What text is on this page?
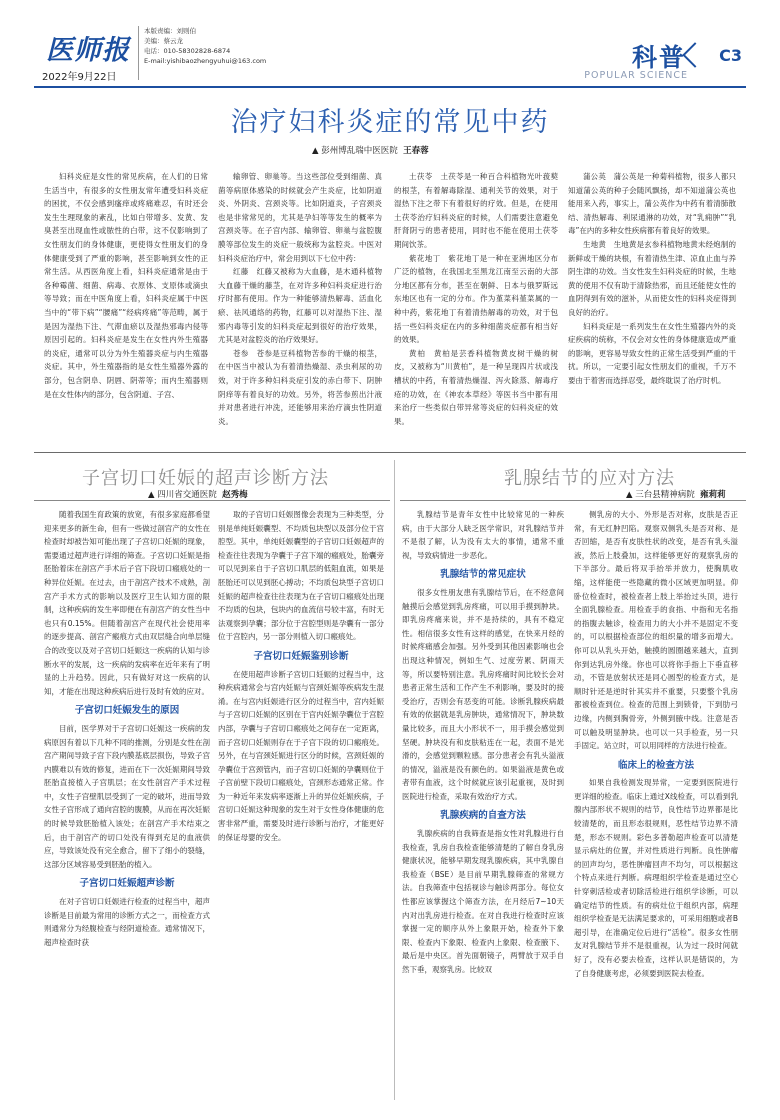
医师报
2022年9月22日
本版责编：刘则伯
美编：蔡云龙
电话：010-58302828-6874
E-mail:yishibaozhengyuhui@163.com	科普
POPULAR SCIENCE
C3
治疗妇科炎症的常见中药
▲ 彭州博乱瑞中医医院 王春蓉

妇科炎症是女性的常见疾病，在人们的日常生活当中，有很多的女性朋友常年遭受妇科炎症的困扰，不仅会感到瘙痒或疼痛难忍，有时还会发生生理现象的紊乱，比如白带增多、发黄、发臭甚至出现血性或脓性的白带，这不仅影响到了女性朋友们的身体健康，更使得女性朋友们的身体健康受到了严重的影响，甚至影响到女性的正常生活。从西医角度上看，妇科炎症通常是由于各种霉菌、细菌、病毒、衣原体、支原体或滴虫等导致；而在中医角度上看，妇科炎症属于中医当中的“带下病”“腰痛”“经病疼痛”等范畴，属于是因为湿热下注、气滞血瘀以及湿热邪毒内侵等原因引起的。妇科炎症是发生在女性内外生殖器的炎症，通常可以分为外生殖器炎症与内生殖器炎症。其中，外生殖器指的是女性生殖器外露的部分，包含阴阜、阴唇、阴蒂等；而内生殖器则是在女性体内的部分，包含阴道、子宫、

输卵管、卵巢等。当这些部位受到细菌、真菌等病原体感染的时候就会产生炎症，比如阴道炎、外阴炎、宫颈炎等。比如阴道炎，子宫颈炎也是非常常见的，尤其是孕妇等等发生的概率为宫颈炎等。在子宫内部、输卵管、卵巢与盆腔腹膜等部位发生的炎症一般统称为盆腔炎。中医对妇科炎症治疗中，常会用到以下七位中药：

红藤　红藤又被称为大血藤，是木通科植物大血藤干燥的藤茎，在对许多种妇科炎症进行治疗时都有使用。作为一种能够清热解毒、活血化瘀、祛风通络的药物，红藤可以对湿热下注、湿邪内毒等引发的妇科炎症起到很好的治疗效果，尤其是对盆腔炎的治疗效果好。

苍参　苍参是豆科植物苦参的干燥的根茎，在中医当中被认为有着清热燥湿、杀虫利尿的功效，对于许多种妇科炎症引发的赤白带下、阴肿阴痒等有着良好的功效。另外，将苦参煎出汁液并对患者进行冲洗，还能够用来治疗滴虫性阴道炎。

土茯苓　土茯苓是一种百合科植物光叶菝葜的根茎，有着解毒除湿、通利关节的效果，对于湿热下注之带下有着很好的疗效。但是，在使用土茯苓治疗妇科炎症的时候，人们需要注意避免肝肾阴亏的患者使用，同时也不能在使用土茯苓期间饮茶。

紫花地丁　紫花地丁是一种在亚洲地区分布广泛的植物，在我国北至黑龙江南至云南的大部分地区都有分布，甚至在朝鲜、日本与俄罗斯远东地区也有一定的分布。作为堇菜科堇菜属的一种中药，紫花地丁有着清热解毒的功效，对于包括一些妇科炎症在内的多种细菌炎症都有相当好的效果。

黄柏　黄柏是芸香科植物黄皮树干燥的树皮，又被称为“川黄柏”，是一种呈现四片状或浅槽状的中药，有着清热燥湿、泻火除蒸、解毒疗疮的功效，在《神农本草经》等医书当中都有用来治疗一些类似白带异常等炎症的妇科炎症的效果。

蒲公英　蒲公英是一种菊科植物，很多人都只知道蒲公英的种子会随风飘扬，却不知道蒲公英也能用来入药，事实上，蒲公英作为中药有着清肺散结、清热解毒、利尿通淋的功效，对“乳痈肿”“乳毒”在内的多种女性疾病都有着良好的效果。

生地黄　生地黄是玄参科植物地黄未经炮制的新鲜或干燥的块根，有着清热生津、凉血止血与养阴生津的功效。当女性发生妇科炎症的时候，生地黄的使用不仅有助于清除热邪，而且还能使女性的血阴得到有效的滋补，从而使女性的妇科炎症得到良好的治疗。

妇科炎症是一系列发生在女性生殖器内外的炎症疾病的统称，不仅会对女性的身体健康造成严重的影响，更容易导致女性的正常生活受到严重的干扰。所以，一定要引起女性朋友们的重视，千万不要由于着害而选择忍受，最终耽误了治疗时机。

子宫切口妊娠的超声诊断方法
▲ 四川省交通医院 赵秀梅

随着我国生育政策的放宽，有很多家庭都希望迎来更多的新生命，但有一些做过剖宫产的女性在检查时却被告知可能出现了子宫切口妊娠的现象，需要通过超声进行详细的筛查。子宫切口妊娠是指胚胎着床在剖宫产手术后子宫下段切口瘢痕处的一种异位妊娠。在过去，由于剖宫产技术不成熟，剖宫产手术方式的影响以及医疗卫生认知方面的限制，这种疾病的发生率即便在有剖宫产的女性当中也只有0.15%。但随着剖宫产在现代社会使用率的逐步提高、剖宫产瘢痕方式由双层缝合向单层缝合的改变以及对子宫切口妊娠这一疾病的认知与诊断水平的发展，这一疾病的发病率在近年来有了明显的上升趋势。因此，只有做好对这一疾病的认知，才能在出现这种疾病后进行及时有效的应对。

子宫切口妊娠发生的原因

目前，医学界对于子宫切口妊娠这一疾病的发病原因有着以下几种不同的推测，分别是女性在剖宫产期间导致子宫下段内膜基底层损伤，导致子宫内膜难以有效的修复，进而在下一次妊娠期间导致胚胎直接植入子宫肌层；在女性剖宫产手术过程中，女性子宫壁肌层受到了一定的破坏，进而导致女性子宫形成了通向宫腔的腹膜，从而在再次妊娠的时候导致胚胎植入该处；在剖宫产手术结束之后，由于剖宫产的切口处没有得到充足的血液供应，导致该处没有完全愈合，留下了细小的裂缝，这部分区域容易受到胚胎的植入。

子宫切口妊娠超声诊断

在对子宫切口妊娠进行检查的过程当中，超声诊断是目前最为常用的诊断方式之一，而检查方式则通常分为经腹检查与经阴道检查。通常情况下，超声检查时获

取的子宫切口妊娠图像会表现为三种类型，分别是单纯妊娠囊型、不均质包块型以及部分位于宫腔型。其中，单纯妊娠囊型的子宫切口妊娠超声的检查往往表现为孕囊于子宫下端的瘢痕处，胎囊旁可以见到来自于子宫切口肌层的低阻血流，如果是胚胎还可以见到胚心搏动；不均质包块型子宫切口妊娠的超声检查往往表现为在子宫切口瘢痕处出现不均质的包块，包块内的血流信号较丰富，有时无法观察到孕囊；部分位于宫腔型则是孕囊有一部分位于宫腔内，另一部分则植入切口瘢痕处。

子宫切口妊娠鉴别诊断

在使用超声诊断子宫切口妊娠的过程当中，这种疾病通常会与宫内妊娠与宫颈妊娠等疾病发生混淆。在与宫内妊娠进行区分的过程当中，宫内妊娠与子宫切口妊娠的区别在于宫内妊娠孕囊位于宫腔内部，孕囊与子宫切口瘢痕处之间存在一定距离，而子宫切口妊娠则存在于子宫下段的切口瘢痕处。另外，在与宫颈妊娠进行区分的时候，宫颈妊娠的孕囊位于宫颈管内，而子宫切口妊娠的孕囊则位于子宫前壁下段切口瘢痕处，宫颈形态通常正常。作为一种近年来发病率逐渐上升的异位妊娠疾病，子宫切口妊娠这种现象的发生对于女性身体健康的危害非常严重，需要及时进行诊断与治疗，才能更好的保证母婴的安全。

乳腺结节的应对方法
▲ 三台县精神病院 雍莉莉

乳腺结节是青年女性中比较常见的一种疾病，由于大部分人缺乏医学常识，对乳腺结节并不是很了解，认为没有太大的事情，通常不重视，导致病情进一步恶化。

乳腺结节的常见症状

很多女性朋友患有乳腺结节后，在不经意间触摸后会感觉到乳房疼痛，可以用手摸到肿块。即乳房疼痛来说，并不是持续的，具有不稳定性。相信很多女性有这样的感觉，在快来月经的时候疼痛感会加强。另外受到其他因素影响也会出现这种情况，例如生气、过度劳累、阴雨天等，所以要特别注意。乳房疼痛时间比较长会对患者正常生活和工作产生不利影响，要及时的接受治疗，否则会有恶变的可能。诊断乳腺疾病最有效的依据就是乳房肿块，通常情况下，肿块数量比较多，而且大小形状不一，用手摸会感觉到坚硬。肿块没有和皮肤粘连在一起，表面不是光滑的，会感觉到颗粒感。部分患者会有乳头溢液的情况，溢液是没有颜色的。如果溢液是黄色或者带有血液，这个时候就应该引起重视，及时到医院进行检查，采取有效治疗方式。

乳腺疾病的自查方法

乳腺疾病的自我筛查是指女性对乳腺进行自我检查，乳房自我检查能够清楚的了解自身乳房健康状况，能够早期发现乳腺疾病，其中乳腺自我检查（BSE）是目前早期乳腺筛查的常规方法。自我筛查中包括视诊与触诊两部分。每位女性都应该掌握这个筛查方法，在月经后7~10天内对出乳房进行检查。在对自我进行检查时应该掌握一定的顺序从外上象限开始，检查外下象限、检查内下象限、检查内上象限、检查腋下、最后是中央区。首先面朝镜子，两臂放于双手自然下垂，观察乳房。比较双

侧乳房的大小、外形是否对称，皮肤是否正常，有无红肿凹陷。观察双侧乳头是否对称、是否回缩，是否有皮肤性状的改变，是否有乳头溢液，然后上肢叠加，这样能够更好的观察乳房的下半部分。最后将双手抬举并放力，使胸肌收缩，这样能使一些隐藏的微小区域更加明显。仰卧位检查时，被检查者上肢上举抬过头顶，进行全面乳腺检查。用检查手的食指、中指和无名指的指腹去触诊，检查用力的大小并不是固定不变的，可以根据检查部位的组织量的增多而增大。你可以从乳头开始，触摸的圆圈越来越大，直到你到达乳房外缘。你也可以将你手指上下垂直移动，不管是放射状还是同心圆型的检查方式，是顺时针还是逆时针其实并不重要，只要整个乳房都被检查到位。检查的范围上到锁骨，下到肋弓边缘，内侧到胸骨旁，外侧到腋中线。注意是否可以触及明显肿块。也可以一只手检查，另一只手固定。站立时，可以用同样的方法进行检查。

临床上的检查方法

如果自我检测发现异常，一定要到医院进行更详细的检查。临床上通过X线检查，可以看到乳腺内部形状不规则的结节，良性结节边界都是比较清楚的，而且形态很规则，恶性结节边界不清楚，形态不规则。彩色多普勒超声检查可以清楚显示病灶的位置，并对性质进行判断。良性肿瘤的回声均匀，恶性肿瘤回声不均匀，可以根据这个特点来进行判断。病理组织学检查是通过空心针穿刺活检或者切除活检进行组织学诊断，可以确定结节的性质。有的病灶位于组织内部，病理组织学检查是无法满足要求的，可采用细胞或者B超引导，在准确定位后进行“活检”。很多女性朋友对乳腺结节并不是很重视，认为过一段时间就好了，没有必要去检查，这样认识是错误的，为了自身健康考虑，必须要到医院去检查。
